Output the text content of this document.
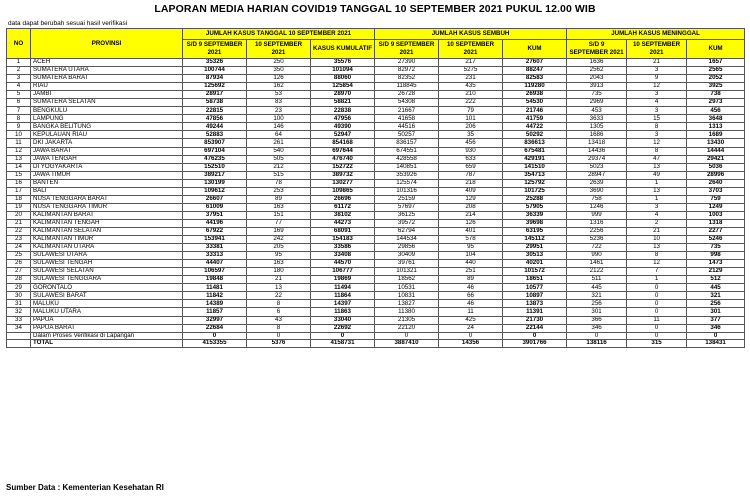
LAPORAN MEDIA HARIAN COVID19 TANGGAL 10 SEPTEMBER 2021 PUKUL 12.00 WIB
data dapat berubah sesuai hasil verifikasi
NO	PROVINSI	JUMLAH KASUS TANGGAL 10 SEPTEMBER 2021			JUMLAH KASUS SEMBUH			JUMLAH KASUS MENINGGAL		
		S/D 9 SEPTEMBER 2021	10 SEPTEMBER 2021	KASUS KUMULATIF	S/D 9 SEPTEMBER 2021	10 SEPTEMBER 2021	KUM	S/D 9 SEPTEMBER 2021	10 SEPTEMBER 2021	KUM
1	ACEH	35326	250	35576	27390	217	27607	1636	21	1657
2	SUMATERA UTARA	100744	350	101094	82972	5275	88247	2562	3	2565
3	SUMATERA BARAT	87934	126	88060	82352	231	82583	2043	9	2052
4	RIAU	125692	162	125854	118845	435	119280	3913	12	3925
5	JAMBI	28917	53	28970	26728	210	26938	735	3	738
6	SUMATERA SELATAN	58738	83	58821	54308	222	54530	2969	4	2973
7	BENGKULU	22815	23	22838	21667	79	21746	453	3	456
8	LAMPUNG	47856	100	47956	41658	101	41759	3633	15	3648
9	BANGKA BELITUNG	49244	146	49390	44516	206	44722	1305	8	1313
10	KEPULAUAN RIAU	52883	64	52947	50257	35	50292	1686	3	1689
11	DKI JAKARTA	853907	261	854168	836157	456	836613	13418	12	13430
12	JAWA BARAT	697104	540	697644	674551	930	675481	14436	8	14444
13	JAWA TENGAH	476235	505	476740	428558	633	429191	29374	47	29421
14	DI YOGYAKARTA	152510	212	152722	140851	659	141510	5023	13	5036
15	JAWA TIMUR	389217	515	389732	353926	787	354713	28947	49	28996
16	BANTEN	130199	78	130277	125574	218	125792	2639	1	2640
17	BALI	109612	253	109865	101316	409	101725	3690	13	3703
18	NUSA TENGGARA BARAT	26607	89	26696	25159	129	25288	758	1	759
19	NUSA TENGGARA TIMUR	61009	163	61172	57697	208	57905	1246	3	1249
20	KALIMANTAN BARAT	37951	151	38102	36125	214	36339	999	4	1003
21	KALIMANTAN TENGAH	44196	77	44273	39572	126	39698	1316	2	1318
22	KALIMANTAN SELATAN	67922	169	68091	62794	401	63195	2256	21	2277
23	KALIMANTAN TIMUR	153941	242	154183	144534	578	145112	5236	10	5246
24	KALIMANTAN UTARA	33381	205	33586	29856	95	29951	722	13	735
25	SULAWESI UTARA	33313	95	33408	30409	104	30513	990	8	998
26	SULAWESI TENGAH	44407	163	44570	39761	440	40201	1461	12	1473
27	SULAWESI SELATAN	106597	180	106777	101321	251	101572	2122	7	2129
28	SULAWESI TENGGARA	19848	21	19869	18562	89	18651	511	1	512
29	GORONTALO	11481	13	11494	10531	46	10577	445	0	445
30	SULAWESI BARAT	11842	22	11864	10831	66	10897	321	0	321
31	MALUKU	14389	8	14397	13827	46	13873	256	0	256
32	MALUKU UTARA	11857	6	11863	11380	11	11391	301	0	301
33	PAPUA	32997	43	33040	21305	425	21730	366	11	377
34	PAPUA BARAT	22684	8	22692	22120	24	22144	346	0	346
	Dalam Proses Verifikasi di Lapangan	0	0	0	0	0	0	0	0	0
	TOTAL	4153355	5376	4158731	3887410	14356	3901766	138116	315	138431
Sumber Data : Kementerian Kesehatan RI
